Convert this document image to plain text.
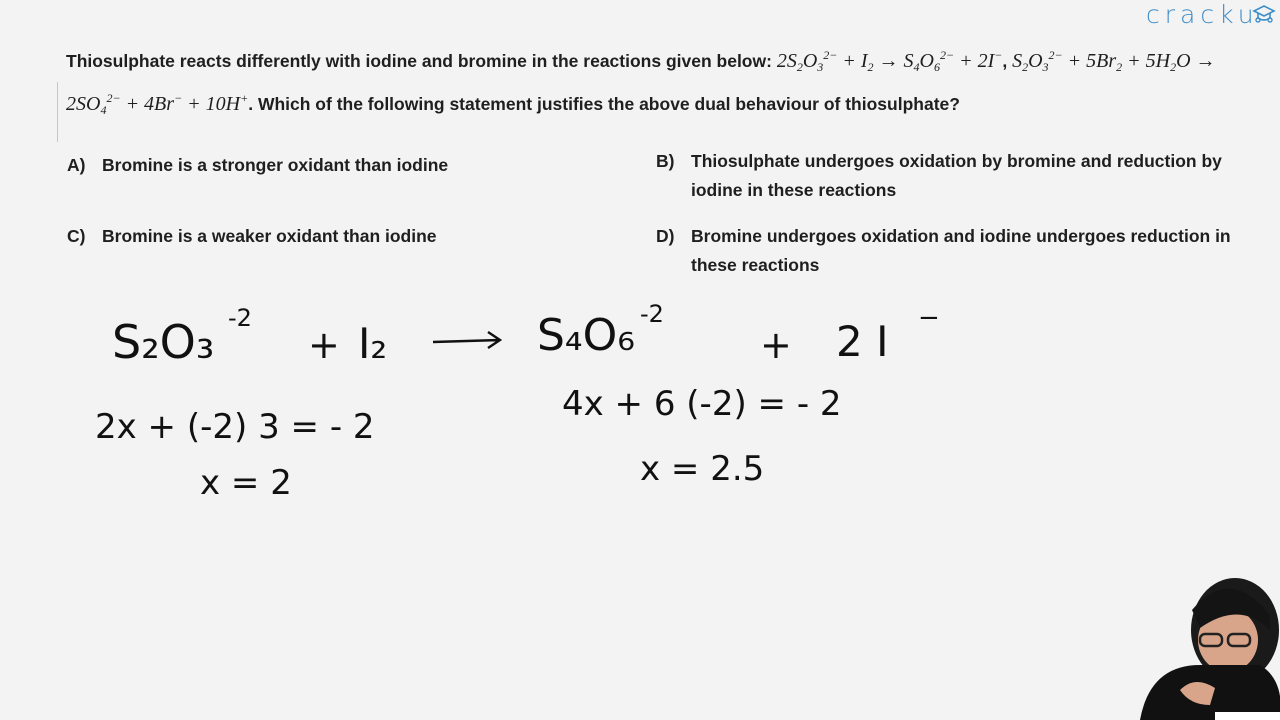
cracku
Thiosulphate reacts differently with iodine and bromine in the reactions given below: $2S_2O_3^{2-} + I_2 \to S_4O_6^{2-} + 2I^-$, $S_2O_3^{2-} + 5Br_2 + 5H_2O \to 2SO_4^{2-} + 4Br^- + 10H^+$. Which of the following statement justifies the above dual behaviour of thiosulphate?
A) Bromine is a stronger oxidant than iodine	B) Thiosulphate undergoes oxidation by bromine and reduction by iodine in these reactions
C) Bromine is a weaker oxidant than iodine	D) Bromine undergoes oxidation and iodine undergoes reduction in these reactions
S₂O₃ -2
+ I₂	S₄O₆ -2
+ 2 I −
2x + (-2) 3 = - 2
x = 2
4x + 6 (-2) = - 2
x = 2.5
